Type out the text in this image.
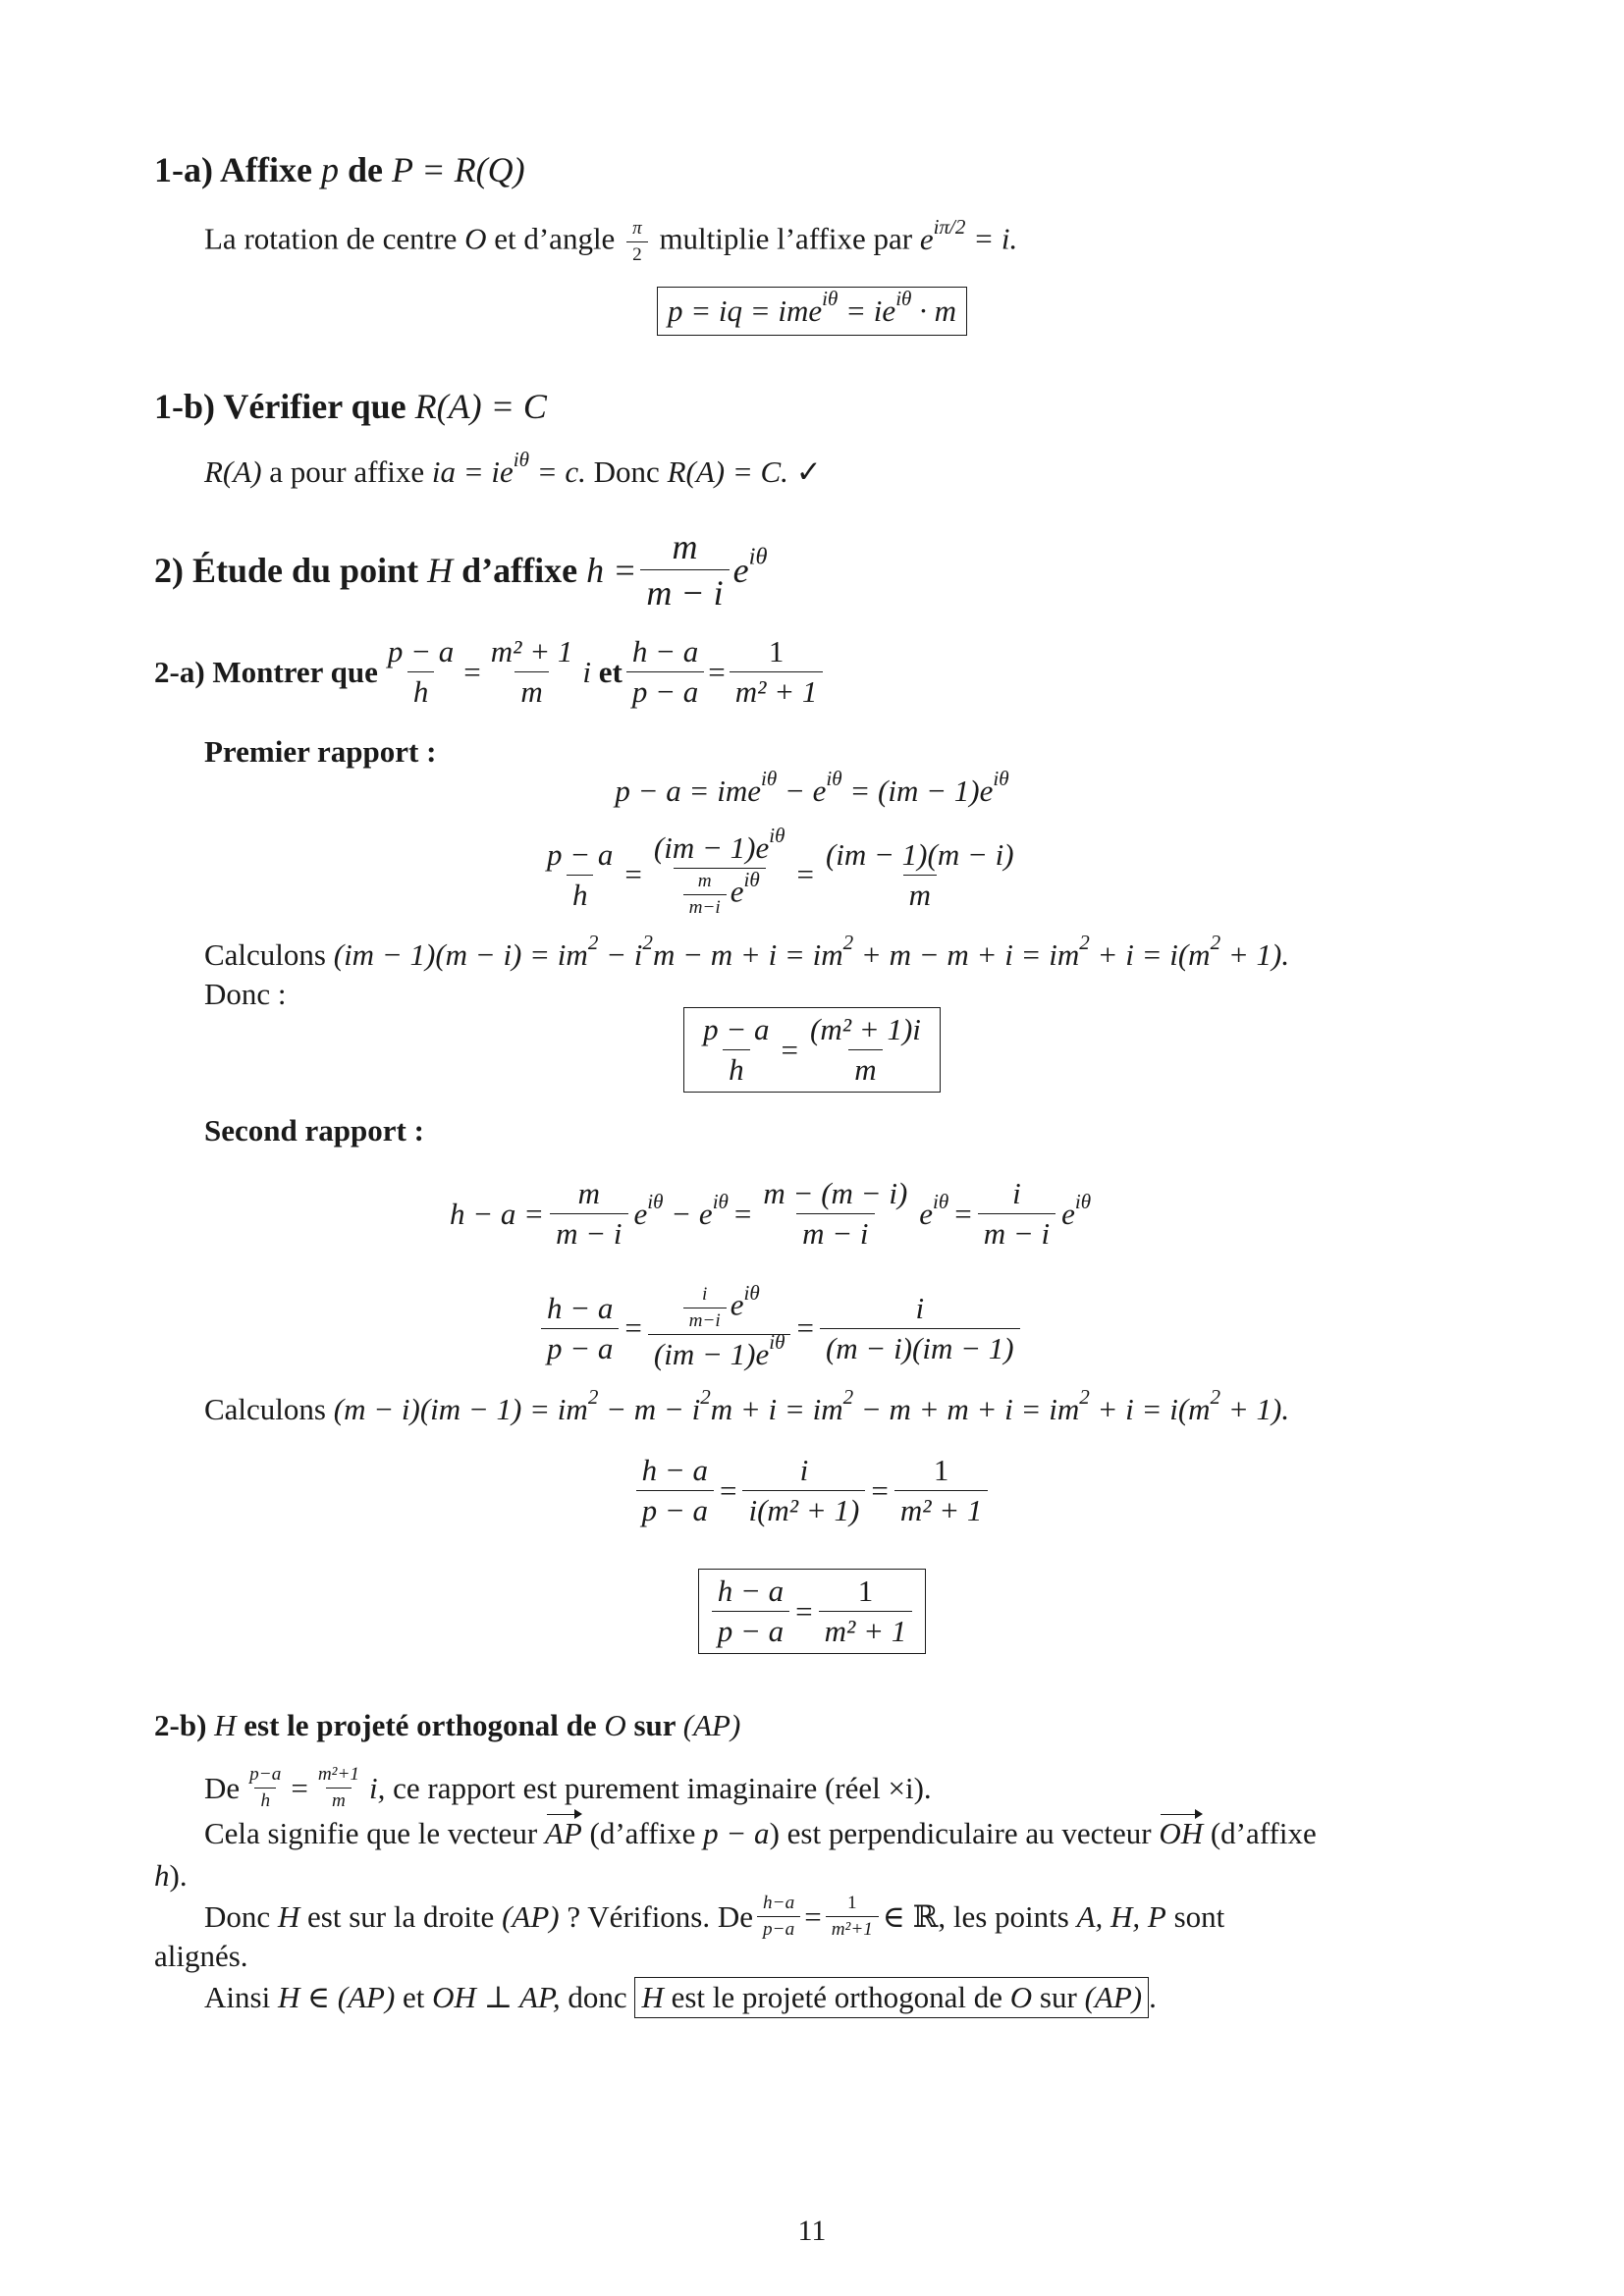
1-a) Affixe p de P = R(Q)
La rotation de centre O et d’angle $\frac{\pi}{2}$ multiplie l’affixe par $e^{i\pi/2} = i$.
p = iq = $ime^{i\theta} = ie^{i\theta} \cdot m$
1-b) Vérifier que R(A) = C
R(A) a pour affixe ia = $ie^{i\theta} = c$. Donc R(A) = C. ✓
2) Étude du point
H
d’affixe
$h = \frac{m}{m - i} e^{i\theta}$
2-a) Montrer que $\frac{p - a}{h} = \frac{\text{m² + 1}}{m}$ i
et $\frac{h - a}{p - a} = \frac{1}{\text{m² + 1}}$
Premier rapport :
$p - a = ime^{i\theta} - e^{i\theta} = (im - 1)e^{i\theta}$
$\frac{p - a}{h} = \frac{(im - 1)e^{i\theta}}{\frac{m}{m-i} e^{i\theta}} = \frac{(im - 1)(m - i)}{m}$
Calculons $(im - 1)(m - i) = im^2 - i^2m - m + i = im^2 + m - m + i = im^2 + i = i(m^2 + 1)$.
Donc :
$\frac{p - a}{h} = \frac{\text{(m² + 1)i}}{m}$
Second rapport :
$h - a = \frac{m}{m - i} e^{i\theta} - e^{i\theta} = \frac{m - (m - i)}{m - i} e^{i\theta} = \frac{i}{m - i} e^{i\theta}$
$\frac{h - a}{p - a} = \frac{\frac{i}{m-i} e^{i\theta}}{(im - 1)e^{i\theta}} = \frac{i}{(m - i)(im - 1)}$
Calculons $(m - i)(im - 1) = im^2 - m - i^2m + i = im^2 - m + m + i = im^2 + i = i(m^2 + 1)$.
$\frac{h - a}{p - a} = \frac{i}{\text{i(m² + 1)}} = \frac{1}{\text{m² + 1}}$
$\frac{h - a}{p - a} = \frac{1}{\text{m² + 1}}$
2-b) H est le projeté orthogonal de O sur (AP)
De $\frac{p-a}{h} = \frac{\text{m²+1}}{m} i$,
ce rapport est purement imaginaire (réel ×i).
Cela signifie que le vecteur AP (d’affixe p − a) est perpendiculaire au vecteur OH (d’affixe
h).
Donc
H
est sur la droite
(AP)
? Vérifions. De $\frac{h-a}{p-a} = \frac{1}{\text{m²+1}}$ ∈ ℝ, les points
A, H, P
sont
alignés.
Ainsi
H ∈ (AP)
et
OH ⊥ AP,
donc
H est le projeté orthogonal de O sur (AP) .
11
